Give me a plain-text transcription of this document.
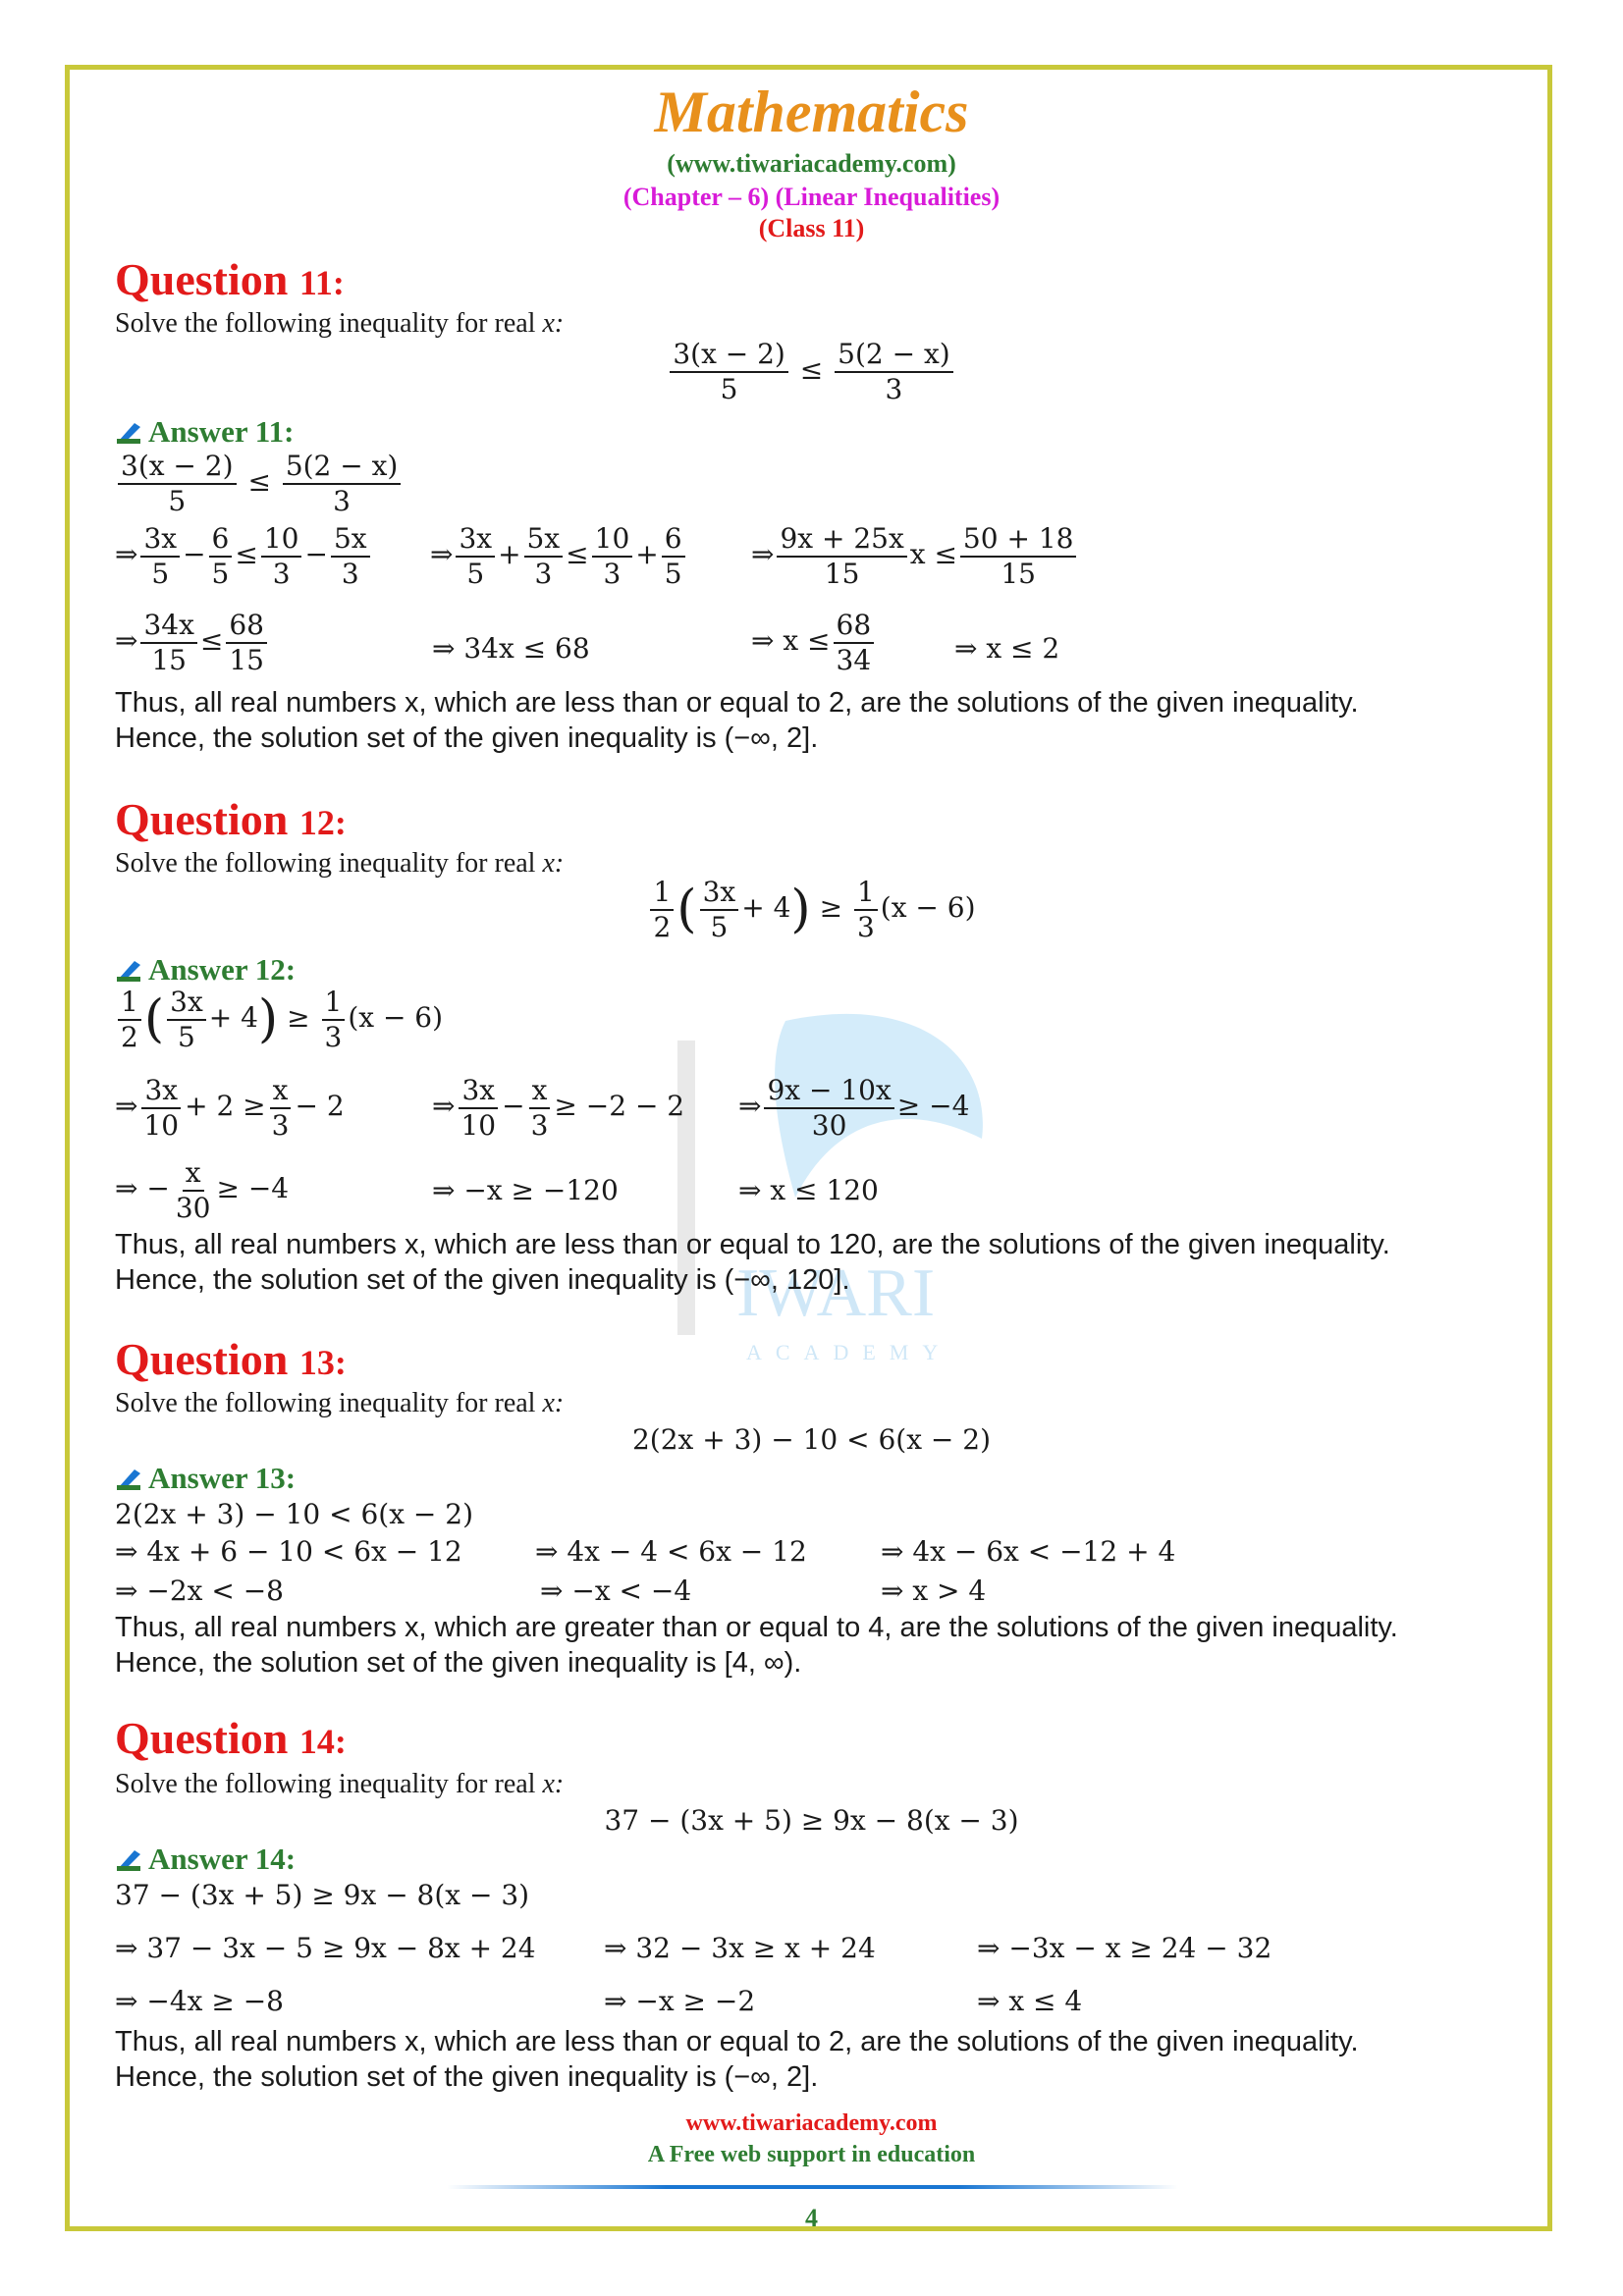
IWARI
ACADEMY
Mathematics
(www.tiwariacademy.com)
(Chapter – 6) (Linear Inequalities)
(Class 11)
Question 11:
Solve the following inequality for real x:
$\frac{3(x - 2)}{5} \le \frac{5(2 - x)}{3}$
Answer 11:
$\frac{3(x - 2)}{5} \le \frac{5(2 - x)}{3}$
⇒ $\frac{3x}{5} - \frac{6}{5} \le \frac{10}{3} - \frac{5x}{3}$ ⇒ $\frac{3x}{5} + \frac{5x}{3} \le \frac{10}{3} + \frac{6}{5}$ ⇒ $\frac{9x + 25x}{15}$ $x \le \frac{50 + 18}{15}$
⇒ $\frac{34x}{15} \le \frac{68}{15}$	⇒ 34x ≤ 68	⇒ $x \le \frac{68}{34}$	⇒ x ≤ 2
Thus, all real numbers x, which are less than or equal to 2, are the solutions of the given inequality.
Hence, the solution set of the given inequality is (−∞, 2].
Question 12:
Solve the following inequality for real x:
$\frac{1}{2}$ ( $\frac{3x}{5} + 4) \ge \frac{1}{3} (x - 6)$
Answer 12:
$\frac{1}{2}$ ( $\frac{3x}{5} + 4) \ge \frac{1}{3} (x - 6)$
⇒ $\frac{3x}{10} + 2 \ge \frac{x}{3} - 2$	⇒ $\frac{3x}{10} - \frac{x}{3} \ge -2 - 2$ ⇒ $\frac{9x - 10x}{30} \ge -4$
⇒ − $\frac{x}{30} \ge -4$	⇒ −x ≥ −120	⇒ x ≤ 120
Thus, all real numbers x, which are less than or equal to 120, are the solutions of the given inequality.
Hence, the solution set of the given inequality is (−∞, 120].
Question 13:
Solve the following inequality for real x:
2(2x + 3) − 10 < 6(x − 2)
Answer 13:
2(2x + 3) − 10 < 6(x − 2)
⇒ 4x + 6 − 10 < 6x − 12	⇒ 4x − 4 < 6x − 12	⇒ 4x − 6x < −12 + 4
⇒ −2x < −8	⇒ −x < −4	⇒ x > 4
Thus, all real numbers x, which are greater than or equal to 4, are the solutions of the given inequality.
Hence, the solution set of the given inequality is [4, ∞).
Question 14:
Solve the following inequality for real x:
37 − (3x + 5) ≥ 9x − 8(x − 3)
Answer 14:
37 − (3x + 5) ≥ 9x − 8(x − 3)
⇒ 37 − 3x − 5 ≥ 9x − 8x + 24 ⇒ 32 − 3x ≥ x + 24	⇒ −3x − x ≥ 24 − 32
⇒ −4x ≥ −8	⇒ −x ≥ −2	⇒ x ≤ 4
Thus, all real numbers x, which are less than or equal to 2, are the solutions of the given inequality.
Hence, the solution set of the given inequality is (−∞, 2].
www.tiwariacademy.com
A Free web support in education
4
